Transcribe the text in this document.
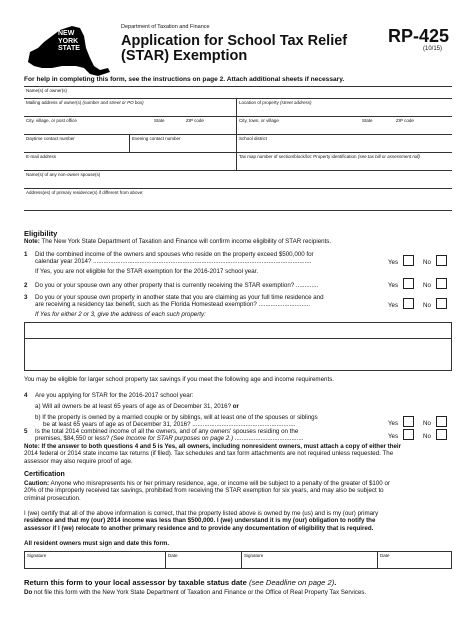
NEW
YORK
STATE
Department of Taxation and Finance
Application for School Tax Relief
(STAR) Exemption
RP-425
(10/15)
For help in completing this form, see the instructions on page 2. Attach additional sheets if necessary.
Name(s) of owner(s)
Mailing address of owner(s) (number and street or PO box)	Location of property (street address)
City, village, or post office	State	ZIP code	City, town, or village	State	ZIP code
Daytime contact number	Evening contact number	School district
E-mail address	Tax map number of section/block/lot: Property identification (see tax bill or assessment roll)
Name(s) of any non-owner spouse(s)
Address(es) of primary residence(s) if different from above:
Eligibility
Note: The New York State Department of Taxation and Finance will confirm income eligibility of STAR recipients.
1 Did the combined income of the owners and spouses who reside on the property exceed $500,000 for
calendar year 2014? ...............................................................................................................................	Yes	No
If Yes, you are not eligible for the STAR exemption for the 2016-2017 school year.
2 Do you or your spouse own any other property that is currently receiving the STAR exemption? .............	Yes	No
3 Do you or your spouse own property in another state that you are claiming as your full time residence and
are receiving a residency tax benefit, such as the Florida Homestead exemption? ..............................	Yes	No
If Yes for either 2 or 3, give the address of each such property:
You may be eligible for larger school property tax savings if you meet the following age and income requirements.
4 Are you applying for STAR for the 2016-2017 school year:
a) Will all owners be at least 65 years of age as of December 31, 2016? or
b) If the property is owned by a married couple or by siblings, will at least one of the spouses or siblings
be at least 65 years of age as of December 31, 2016? ............................................................	Yes	No
5 Is the total 2014 combined income of all the owners, and of any owners' spouses residing on the
premises, $84,550 or less? (See Income for STAR purposes on page 2.) ........................................	Yes	No
Note: If the answer to both questions 4 and 5 is Yes, all owners, including nonresident owners, must attach a copy of either their
2014 federal or 2014 state income tax returns (if filed). Tax schedules and tax form attachments are not required unless requested. The
assessor may also require proof of age.
Certification
Caution: Anyone who misrepresents his or her primary residence, age, or income will be subject to a penalty of the greater of $100 or
20% of the improperly received tax savings, prohibited from receiving the STAR exemption for six years, and may also be subject to
criminal prosecution.
I (we) certify that all of the above information is correct, that the property listed above is owned by me (us) and is my (our) primary
residence and that my (our) 2014 income was less than $500,000. I (we) understand it is my (our) obligation to notify the
assessor if I (we) relocate to another primary residence and to provide any documentation of eligibility that is required.
All resident owners must sign and date this form.
Signature	Date	Signature	Date
Return this form to your local assessor by taxable status date (see Deadline on page 2).
Do not file this form with the New York State Department of Taxation and Finance or the Office of Real Property Tax Services.
